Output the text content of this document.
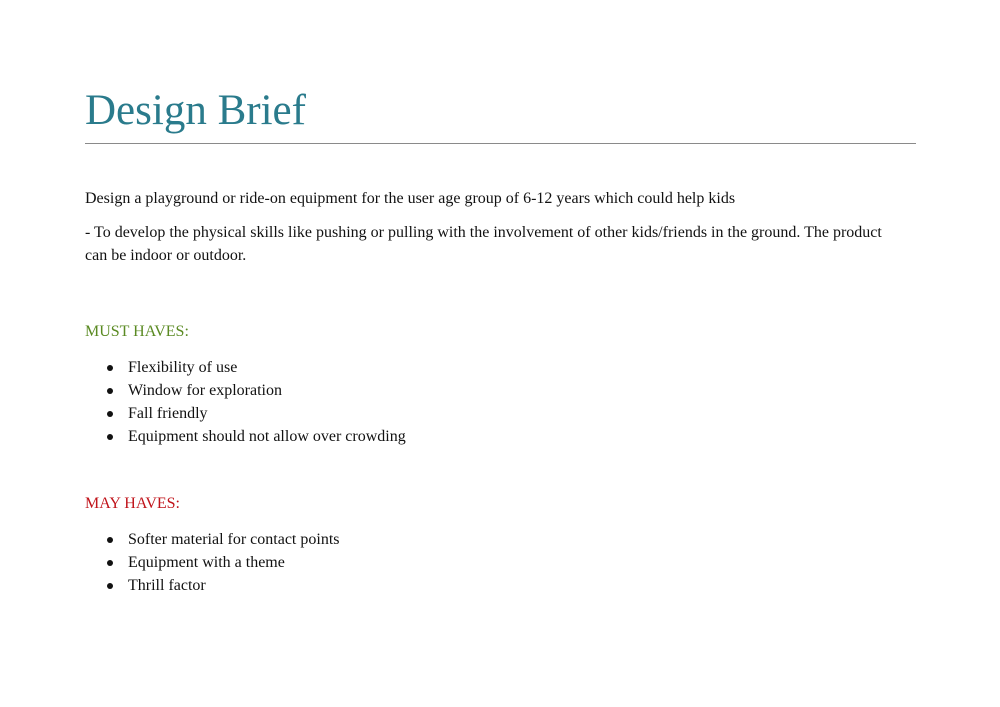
Design Brief

Design a playground or ride-on equipment for the user age group of 6-12 years which could help kids

- To develop the physical skills like pushing or pulling with the involvement of other kids/friends in the ground. The product can be indoor or outdoor.

MUST HAVES:
Flexibility of use
Window for exploration
Fall friendly
Equipment should not allow over crowding
MAY HAVES:
Softer material for contact points
Equipment with a theme
Thrill factor
